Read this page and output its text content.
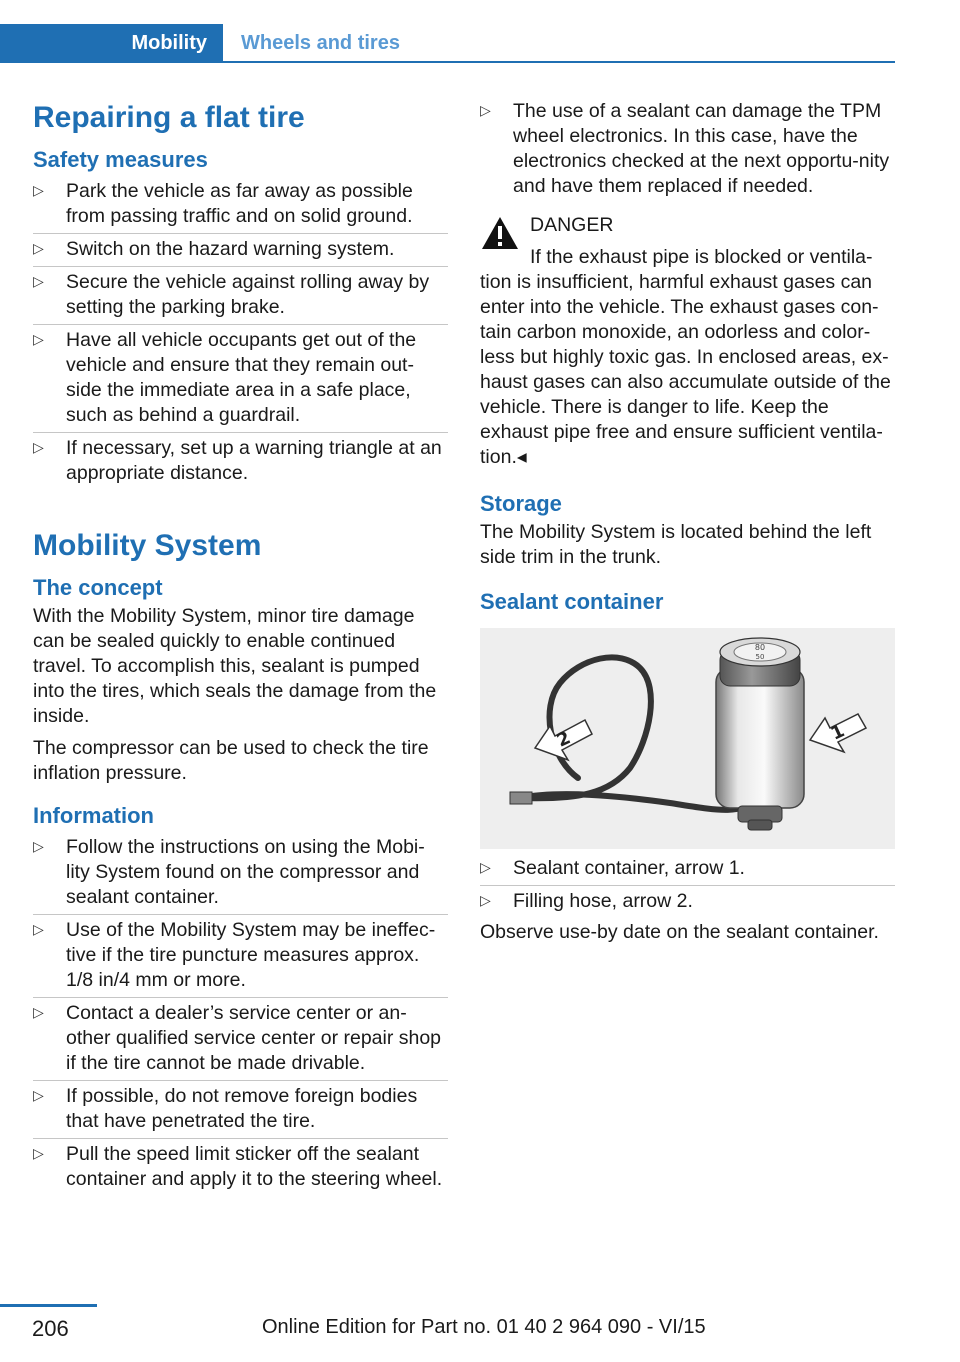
Mobility	Wheels and tires
Repairing a flat tire
Safety measures
▷ Park the vehicle as far away as possible from passing traffic and on solid ground.
▷ Switch on the hazard warning system.
▷ Secure the vehicle against rolling away by setting the parking brake.
▷ Have all vehicle occupants get out of the vehicle and ensure that they remain out-side the immediate area in a safe place, such as behind a guardrail.
▷ If necessary, set up a warning triangle at an appropriate distance.
Mobility System
The concept

With the Mobility System, minor tire damage can be sealed quickly to enable continued travel. To accomplish this, sealant is pumped into the tires, which seals the damage from the inside.

The compressor can be used to check the tire inflation pressure.

Information
▷ Follow the instructions on using the Mobi-lity System found on the compressor and sealant container.
▷ Use of the Mobility System may be ineffec-tive if the tire puncture measures approx. 1/8 in/4 mm or more.
▷ Contact a dealer’s service center or an-other qualified service center or repair shop if the tire cannot be made drivable.
▷ If possible, do not remove foreign bodies that have penetrated the tire.
▷ Pull the speed limit sticker off the sealant container and apply it to the steering wheel.
▷ The use of a sealant can damage the TPM wheel electronics. In this case, have the electronics checked at the next opportu-nity and have them replaced if needed.
DANGER
If the exhaust pipe is blocked or ventila-

tion is insufficient, harmful exhaust gases can enter into the vehicle. The exhaust gases con-tain carbon monoxide, an odorless and color-less but highly toxic gas. In enclosed areas, ex-haust gases can also accumulate outside of the vehicle. There is danger to life. Keep the exhaust pipe free and ensure sufficient ventila-tion.◂

Storage

The Mobility System is located behind the left side trim in the trunk.

Sealant container
80
50
2	1
▷ Sealant container, arrow 1.
▷ Filling hose, arrow 2.

Observe use-by date on the sealant container.

206	Online Edition for Part no. 01 40 2 964 090 - VI/15
